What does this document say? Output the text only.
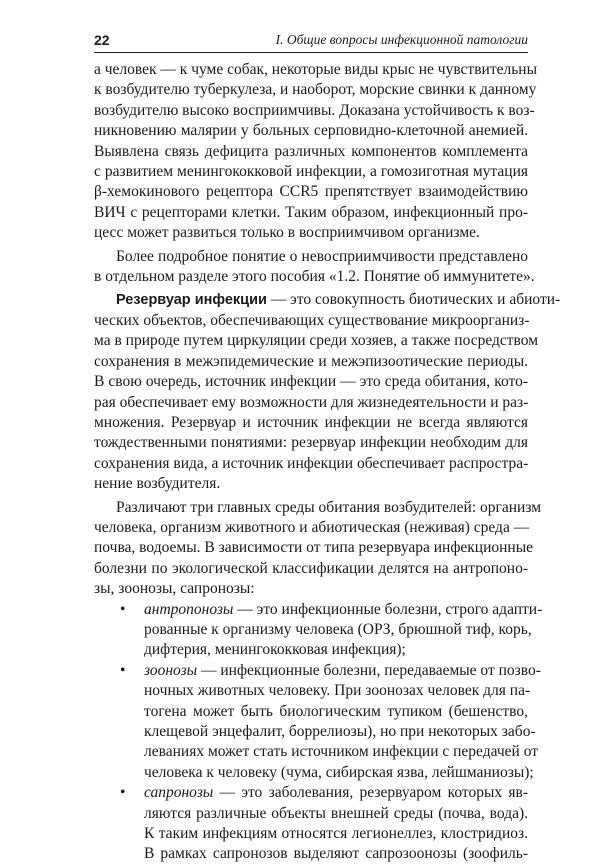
22	I. Общие вопросы инфекционной патологии
а человек — к чуме собак, некоторые виды крыс не чувствительны
к возбудителю туберкулеза, и наоборот, морские свинки к данному
возбудителю высоко восприимчивы. Доказана устойчивость к воз-
никновению малярии у больных серповидно-клеточной анемией.
Выявлена связь дефицита различных компонентов комплемента
с развитием менингококковой инфекции, а гомозиготная мутация
β-хемокинового рецептора CCR5 препятствует взаимодействию
ВИЧ с рецепторами клетки. Таким образом, инфекционный про-
цесс может развиться только в восприимчивом организме.
Более подробное понятие о невосприимчивости представлено
в отдельном разделе этого пособия «1.2. Понятие об иммунитете».
Резервуар инфекции — это совокупность биотических и абиоти-
ческих объектов, обеспечивающих существование микроорганиз-
ма в природе путем циркуляции среди хозяев, а также посредством
сохранения в межэпидемические и межэпизоотические периоды.
В свою очередь, источник инфекции — это среда обитания, кото-
рая обеспечивает ему возможности для жизнедеятельности и раз-
множения. Резервуар и источник инфекции не всегда являются
тождественными понятиями: резервуар инфекции необходим для
сохранения вида, а источник инфекции обеспечивает распростра-
нение возбудителя.
Различают три главных среды обитания возбудителей: организм
человека, организм животного и абиотическая (неживая) среда —
почва, водоемы. В зависимости от типа резервуара инфекционные
болезни по экологической классификации делятся на антропоно-
зы, зоонозы, сапронозы:
•	антропонозы — это инфекционные болезни, строго адапти-
рованные к организму человека (ОРЗ, брюшной тиф, корь,
дифтерия, менингококковая инфекция);
•	зоонозы — инфекционные болезни, передаваемые от позво-
ночных животных человеку. При зоонозах человек для па-
тогена может быть биологическим тупиком (бешенство,
клещевой энцефалит, боррелиозы), но при некоторых забо-
леваниях может стать источником инфекции с передачей от
человека к человеку (чума, сибирская язва, лейшманиозы);
•	сапронозы — это заболевания, резервуаром которых яв-
ляются различные объекты внешней среды (почва, вода).
К таким инфекциям относятся легионеллез, клостридиоз.
В рамках сапронозов выделяют сапрозоонозы (зоофиль-
